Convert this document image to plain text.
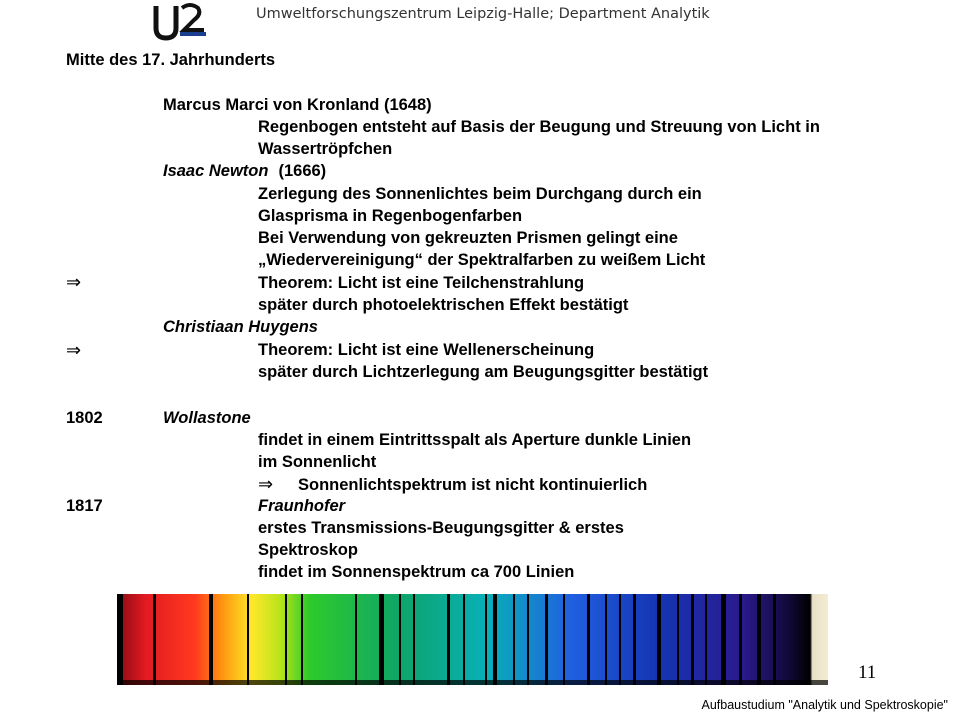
Umweltforschungszentrum Leipzig-Halle; Department Analytik
Mitte des 17. Jahrhunderts
Marcus Marci von Kronland (1648)
Regenbogen entsteht auf Basis der Beugung und Streuung von Licht in
Wassertröpfchen
Isaac Newton (1666)
Zerlegung des Sonnenlichtes beim Durchgang durch ein
Glasprisma in Regenbogenfarben
Bei Verwendung von gekreuzten Prismen gelingt eine
„Wiedervereinigung“ der Spektralfarben zu weißem Licht
⇒	Theorem: Licht ist eine Teilchenstrahlung
später durch photoelektrischen Effekt bestätigt
Christiaan Huygens
⇒	Theorem: Licht ist eine Wellenerscheinung
später durch Lichtzerlegung am Beugungsgitter bestätigt
1802	Wollastone
findet in einem Eintrittsspalt als Aperture dunkle Linien
im Sonnenlicht
⇒ Sonnenlichtspektrum ist nicht kontinuierlich
1817	Fraunhofer
erstes Transmissions-Beugungsgitter & erstes
Spektroskop
findet im Sonnenspektrum ca 700 Linien
11
Aufbaustudium "Analytik und Spektroskopie"
